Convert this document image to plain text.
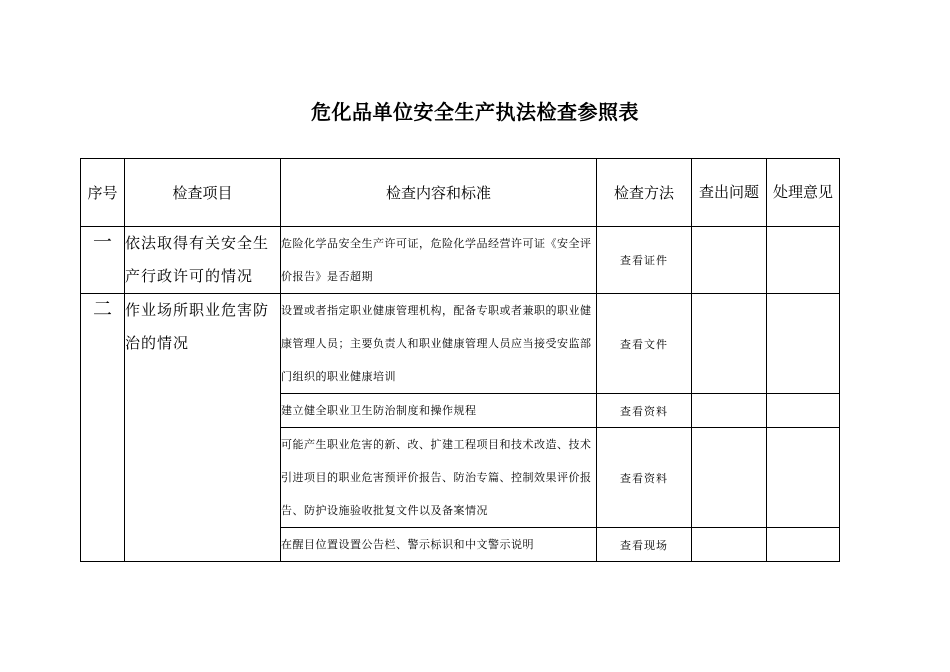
危化品单位安全生产执法检查参照表
序号	检查项目	检查内容和标准	检查方法	查出问题	处理意见
一	依法取得有关安全生产行政许可的情况	危险化学品安全生产许可证，危险化学品经营许可证《安全评价报告》是否超期	查看证件		
二	作业场所职业危害防治的情况	设置或者指定职业健康管理机构，配备专职或者兼职的职业健康管理人员；主要负责人和职业健康管理人员应当接受安监部门组织的职业健康培训	查看文件		
		建立健全职业卫生防治制度和操作规程	查看资料		
		可能产生职业危害的新、改、扩建工程项目和技术改造、技术引进项目的职业危害预评价报告、防治专篇、控制效果评价报告、防护设施验收批复文件以及备案情况	查看资料		
		在醒目位置设置公告栏、警示标识和中文警示说明	查看现场		
